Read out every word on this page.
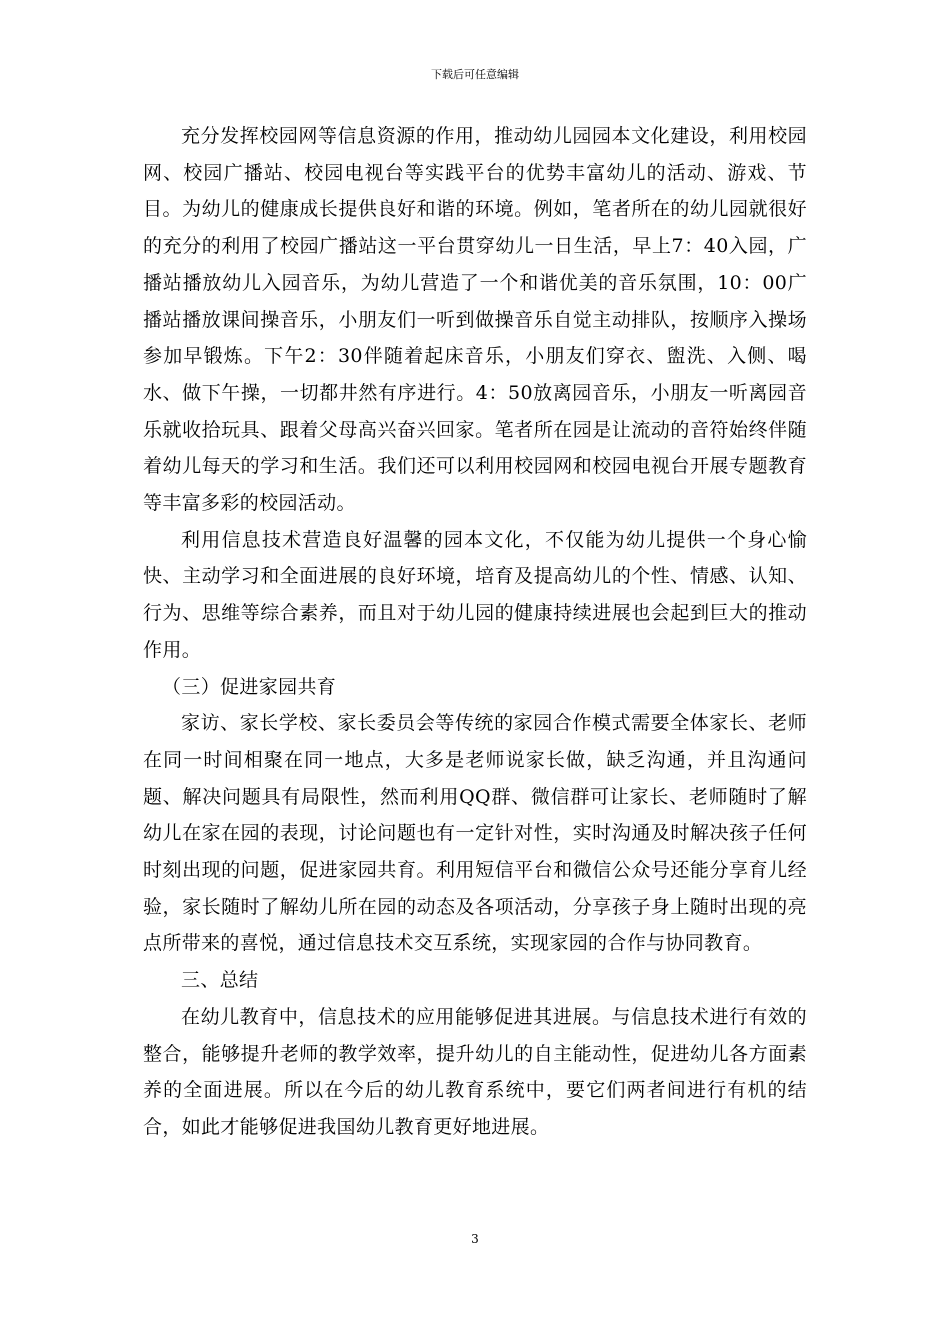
下载后可任意编辑

充分发挥校园网等信息资源的作用，推动幼儿园园本文化建设，利用校园网、校园广播站、校园电视台等实践平台的优势丰富幼儿的活动、游戏、节目。为幼儿的健康成长提供良好和谐的环境。例如，笔者所在的幼儿园就很好的充分的利用了校园广播站这一平台贯穿幼儿一日生活，早上7：40入园，广播站播放幼儿入园音乐，为幼儿营造了一个和谐优美的音乐氛围，10：00广播站播放课间操音乐，小朋友们一听到做操音乐自觉主动排队，按顺序入操场参加早锻炼。下午2：30伴随着起床音乐，小朋友们穿衣、盥洗、入侧、喝水、做下午操，一切都井然有序进行。4：50放离园音乐，小朋友一听离园音乐就收拾玩具、跟着父母高兴奋兴回家。笔者所在园是让流动的音符始终伴随着幼儿每天的学习和生活。我们还可以利用校园网和校园电视台开展专题教育等丰富多彩的校园活动。

利用信息技术营造良好温馨的园本文化，不仅能为幼儿提供一个身心愉快、主动学习和全面进展的良好环境，培育及提高幼儿的个性、情感、认知、行为、思维等综合素养，而且对于幼儿园的健康持续进展也会起到巨大的推动作用。

（三）促进家园共育

家访、家长学校、家长委员会等传统的家园合作模式需要全体家长、老师在同一时间相聚在同一地点，大多是老师说家长做，缺乏沟通，并且沟通问题、解决问题具有局限性，然而利用QQ群、微信群可让家长、老师随时了解幼儿在家在园的表现，讨论问题也有一定针对性，实时沟通及时解决孩子任何时刻出现的问题，促进家园共育。利用短信平台和微信公众号还能分享育儿经验，家长随时了解幼儿所在园的动态及各项活动，分享孩子身上随时出现的亮点所带来的喜悦，通过信息技术交互系统，实现家园的合作与协同教育。

三、总结

在幼儿教育中，信息技术的应用能够促进其进展。与信息技术进行有效的整合，能够提升老师的教学效率，提升幼儿的自主能动性，促进幼儿各方面素养的全面进展。所以在今后的幼儿教育系统中，要它们两者间进行有机的结合，如此才能够促进我国幼儿教育更好地进展。

3
